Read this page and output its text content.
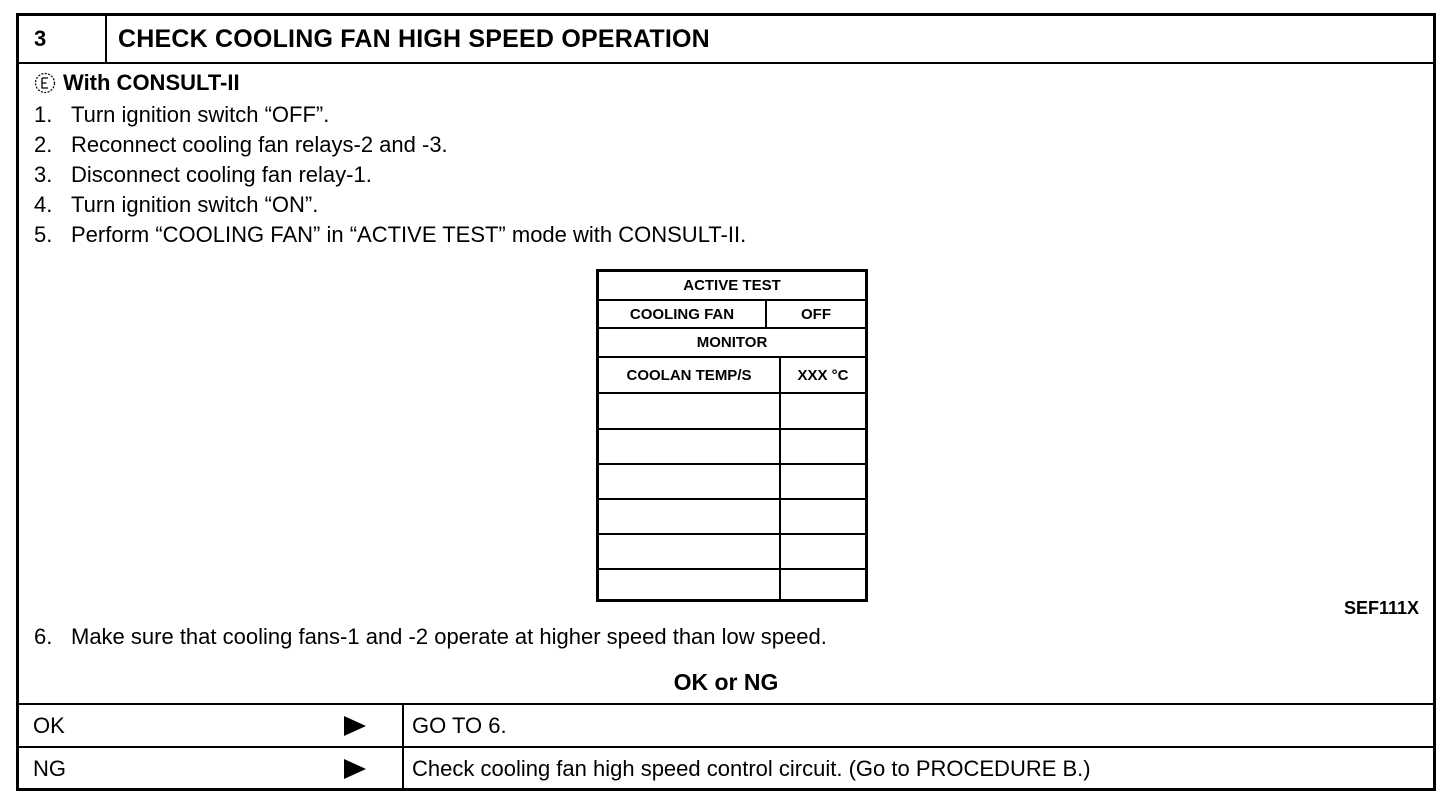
3	CHECK COOLING FAN HIGH SPEED OPERATION
With CONSULT-II
1. Turn ignition switch “OFF”.
2. Reconnect cooling fan relays-2 and -3.
3. Disconnect cooling fan relay-1.
4. Turn ignition switch “ON”.
5. Perform “COOLING FAN” in “ACTIVE TEST” mode with CONSULT-II.
ACTIVE TEST
COOLING FAN	OFF
MONITOR
COOLAN TEMP/S	XXX °C
SEF111X
6. Make sure that cooling fans-1 and -2 operate at higher speed than low speed.
OK or NG
OK	GO TO 6.
NG	Check cooling fan high speed control circuit. (Go to PROCEDURE B.)
